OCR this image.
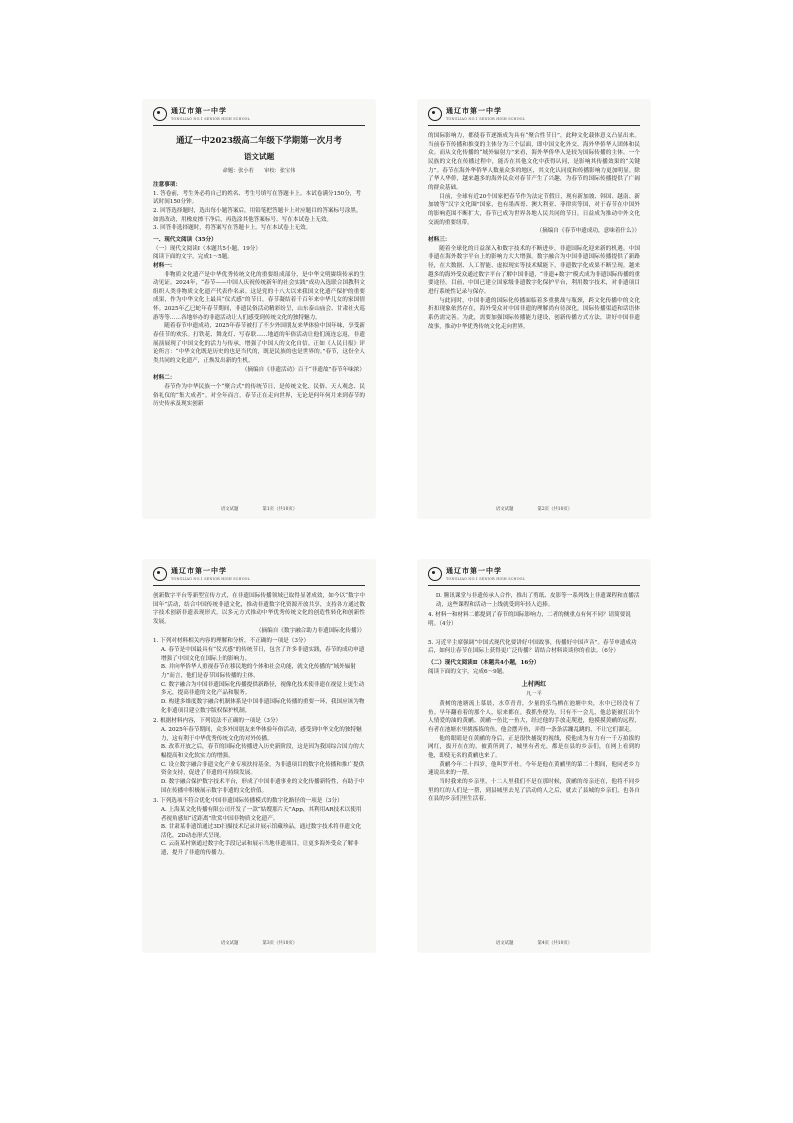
通辽市第一中学
TONGLIAO NO.1 SENIOR HIGH SCHOOL
通辽一中2023级高二年级下学期第一次月考
语文试题
命题：张小若　　审校：张宝伟
注意事项：
1. 答卷前，考生务必将自己的姓名、考生号填写在答题卡上。本试卷满分150分，考试时间150分钟。
2. 回答选择题时，选出每小题答案后，用铅笔把答题卡上对应题目的答案标号涂黑。如需改动，用橡皮擦干净后，再选涂其他答案标号。写在本试卷上无效。
3. 回答非选择题时，将答案写在答题卡上。写在本试卷上无效。
一、现代文阅读（35分）
（一）现代文阅读Ⅰ（本题共5小题，19分）
阅读下面的文字，完成1～5题。
材料一：

非物质文化遗产是中华优秀传统文化的重要组成部分，是中华文明赓续传承的生动见证。2024年，“春节——中国人庆祝传统新年的社会实践”成功入选联合国教科文组织人类非物质文化遗产代表作名录。这是党的十八大以来我国文化遗产保护的重要成果，作为中华文化上最具“仪式感”的节日，春节凝结着千百年来中华儿女的家国情怀。2025年乙巳蛇年春节期间，非遗民俗活动精彩纷呈，山东泰山庙会、甘肃社火巡游等等……各地举办的非遗活动让人们感受到传统文化的独特魅力。

随着春节申遗成功，2025年春节被打了不少外国朋友来华体验中国年味，享受新春佳节的欢乐。打铁花、舞龙灯、写春联……地道的年俗活动让他们流连忘返，非遗展演展现了中国文化的活力与传承，增强了中国人的文化自信。正如《人民日报》评论所言：“中华文化既是历史的也是当代的，既是民族的也是世界的。”春节，这份全人类共同的文化遗产，正焕发出新的生机。

（摘编自《非遗活动》百千“非遗故”春节年味浓）
材料二：

春节作为中华民族一个“聚合式”的传统节日，是传统文化、民俗、天人观念、民俗礼仪的“集大成者”。对全年而言，春节正在走向世界，无论是何年何月来到春节的历史传承及现实创新

语文试题	第1页（共10页）
通辽市第一中学
TONGLIAO NO.1 SENIOR HIGH SCHOOL

的国际影响力，都使春节逐渐成为具有“聚合性节日”，此种文化载体意义凸显出来。当前春节传播和推变的主体分为三个层面，即中国文化外交、海外华侨华人团体和民众。而从文化传播的“域外辐射力”来看，海外华侨华人是较为国际传播的主体。一个民族的文化在传播过程中，能否在其他文化中获得认同，是影响其传播效果的“关键力”。春节在海外华侨华人数量众多的地区，其文化认同度和传播影响力更加明显。除了华人华侨，越来越多的海外民众对春节产生了兴趣，为春节的国际传播提供了广阔的群众基础。

目前，全球有近20个国家把春节作为法定节假日，现有新加坡、韩国、越南、新加坡等“汉字文化圈”国家，也有墨西哥、澳大利亚、菲律宾等国，对于春节在中国外的影响范围不断扩大，春节已成为世界各地人民共同的节日，日益成为推动中外文化交流的重要纽带。

（摘编自《春节申遗成功，意味着什么》）
材料三：

随着全球化的日益深入和数字技术的不断进步，非遗国际化迎来新的机遇。中国非遗在海外数字平台上的影响力大大增强。数字融合为中国非遗国际传播提供了新路径，在大数据、人工智能、虚拟现实等技术赋能下，非遗数字化成果不断呈现。越来越多的海外受众通过数字平台了解中国非遗，“非遗+数字”模式成为非遗国际传播的重要途径。目前，中国已建立国家级非遗数字化保护平台，利用数字技术，对非遗项目进行系统性记录与保存。

与此同时，中国非遗的国际化传播面临着多重挑战与瓶颈，跨文化传播中的文化折扣现象依然存在，海外受众对中国非遗的理解尚有待深化，国际传播渠道和话语体系仍需完善。为此，需要加强国际传播能力建设，创新传播方式方法，讲好中国非遗故事，推动中华优秀传统文化走向世界。

语文试题	第2页（共10页）
通辽市第一中学
TONGLIAO NO.1 SENIOR HIGH SCHOOL

创新数字平台等新型宣传方式，在非遗国际传播领域已取得显著成效，如今以“数字中国年”活动，结合中国传统非遗文化，推动非遗数字化资源开放共享，支持各方通过数字技术创新非遗表现形式，以多元方式推动中华优秀传统文化的创造性转化和创新性发展。

（摘编自《数字融合助力非遗国际化传播》）
1. 下列对材料相关内容的理解和分析，不正确的一项是（3分）
A. 春节是中国最具有“仪式感”的传统节日，包含了许多非遗实践，春节的成功申遗增强了中国文化在国际上的影响力。
B. 并向华侨华人重视春节在移民地的个体和社会功能，就文化传播的“域外辐射力”而言，他们是春节国际传播的主体。
C. 数字融合为中国非遗国际化传播提供新路径，视像化技术使非遗在视觉上更生动多元，提高非遗的文化产品和服务。
D. 构建多维度数字融合机制体系是中国非遗国际化传播的重要一环，我国应该为物化非遗项目建立数字版权保护机制。
2. 根据材料内容，下列说法不正确的一项是（3分）
A. 2025年春节期间，众多外国朋友来华体验年俗活动，感受到中华文化的独特魅力，这有利于中华优秀传统文化的对外传播。
B. 改革开放之后，春节的国际化传播进入历史新阶段，这是因为我国综合国力的大幅提高和文化软实力的增强。
C. 设立数字融合非遗文化产业专项扶持基金，为非遗项目的数字化传播和推广提供资金支持，促进了非遗的可持续发展。
D. 数字融合保护数字技术平台，形成了中国非遗事业的文化传播新特性，有助于中国在传播中积极展示数字非遗的文化价值。
3. 下列选项不符合优化中国非遗国际传播模式的数字化路径的一项是（3分）
A. 上海某文化传播有限公司开发了一款“姑嫂那片天”App，其利用AR技术以使用者视角感知“近距离”欣赏中国非物质文化遗产。
B. 甘肃某非遗馆通过3D扫描技术记录并展示馆藏珍品，通过数字技术将非遗文化活化，2D动态形式呈现。
C. 云南某村寨通过数字化手段记录和展示当地非遗项目，让更多海外受众了解非遗，提升了非遗的传播力。
语文试题	第3页（共10页）
通辽市第一中学
TONGLIAO NO.1 SENIOR HIGH SCHOOL
D. 腾讯课堂与非遗传承人合作，推出了剪纸、皮影等一系列线上非遗课程和直播活动，这些课程和活动一上线就受到年轻人追捧。
4. 材料一和材料二都提到了春节的国际影响力，二者的侧重点有何不同？请简要说明。（4分）
5. 习近平主席强调“中国式现代化要讲好中国故事，传播好中国声音”。春节申遗成功后，如何让春节在国际上获得更广泛传播？请结合材料谈谈你的看法。（6分）
（二）现代文阅读Ⅱ（本题共4小题，16分）
阅读下面的文字，完成6～9题。
上村两红
凡一平

黄树的池塘流上慕晨，水草青青，少量的乐鸟栖在池塘中央，水中已经没有了鱼。早年翻看着的那个人，原来都在。我抓坐便为，只有不一会儿，他总能被扛出个人情爱的油的黄鹂。黄鹂一鱼比一鱼大，经过他的手放走爬进，他摸摸黄鹂的远程，有者在池塘水里挑拣拣的鱼，他会摆弄鱼，弄得一条条活蹦乱跳的，不让它们溜走。

他的眼睛是在黄鹂的身后，正是很快捕捉的视线，使他成为有力有一千万拍拔的网红，拔开在在的，被黄所到了，城里有者充，都是在县的乡亲们，在网上看到的他，即使无名的黄鹂也来了。

黄鹂今年二十四岁，他叫罗开杜。今年是他在黄鹂里的第二十期间，他同老乡力速说出来的一帮。

当时我来的乡亲里，十二人里我们不是在那时候，黄鹂的母亲还在，他将不同乡里的红的人们是一帮，到县城里去见了活动的人之后，就去了县城的乡亲们，也各自在县的乡亲们里生活着。

语文试题	第4页（共10页）
